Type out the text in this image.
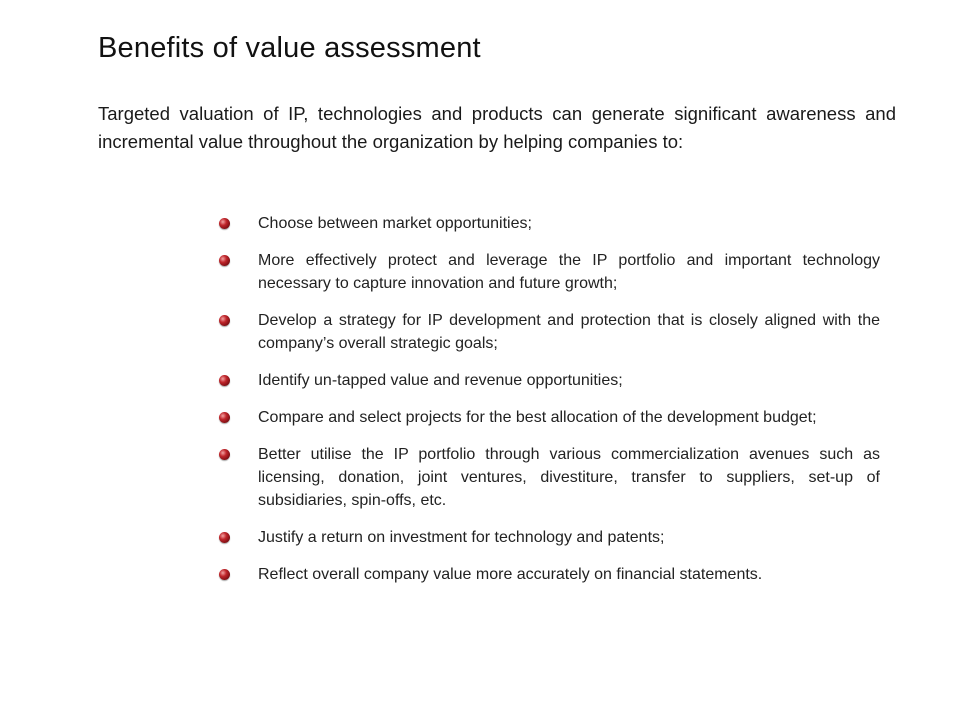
Benefits of value assessment

Targeted valuation of IP, technologies and products can generate significant awareness and incremental value throughout the organization by helping companies to:

Choose between market opportunities;
More effectively protect and leverage the IP portfolio and important technology necessary to capture innovation and future growth;
Develop a strategy for IP development and protection that is closely aligned with the company’s overall strategic goals;
Identify un-tapped value and revenue opportunities;
Compare and select projects for the best allocation of the development budget;
Better utilise the IP portfolio through various commercialization avenues such as licensing, donation, joint ventures, divestiture, transfer to suppliers, set-up of subsidiaries, spin-offs, etc.
Justify a return on investment for technology and patents;
Reflect overall company value more accurately on financial statements.
